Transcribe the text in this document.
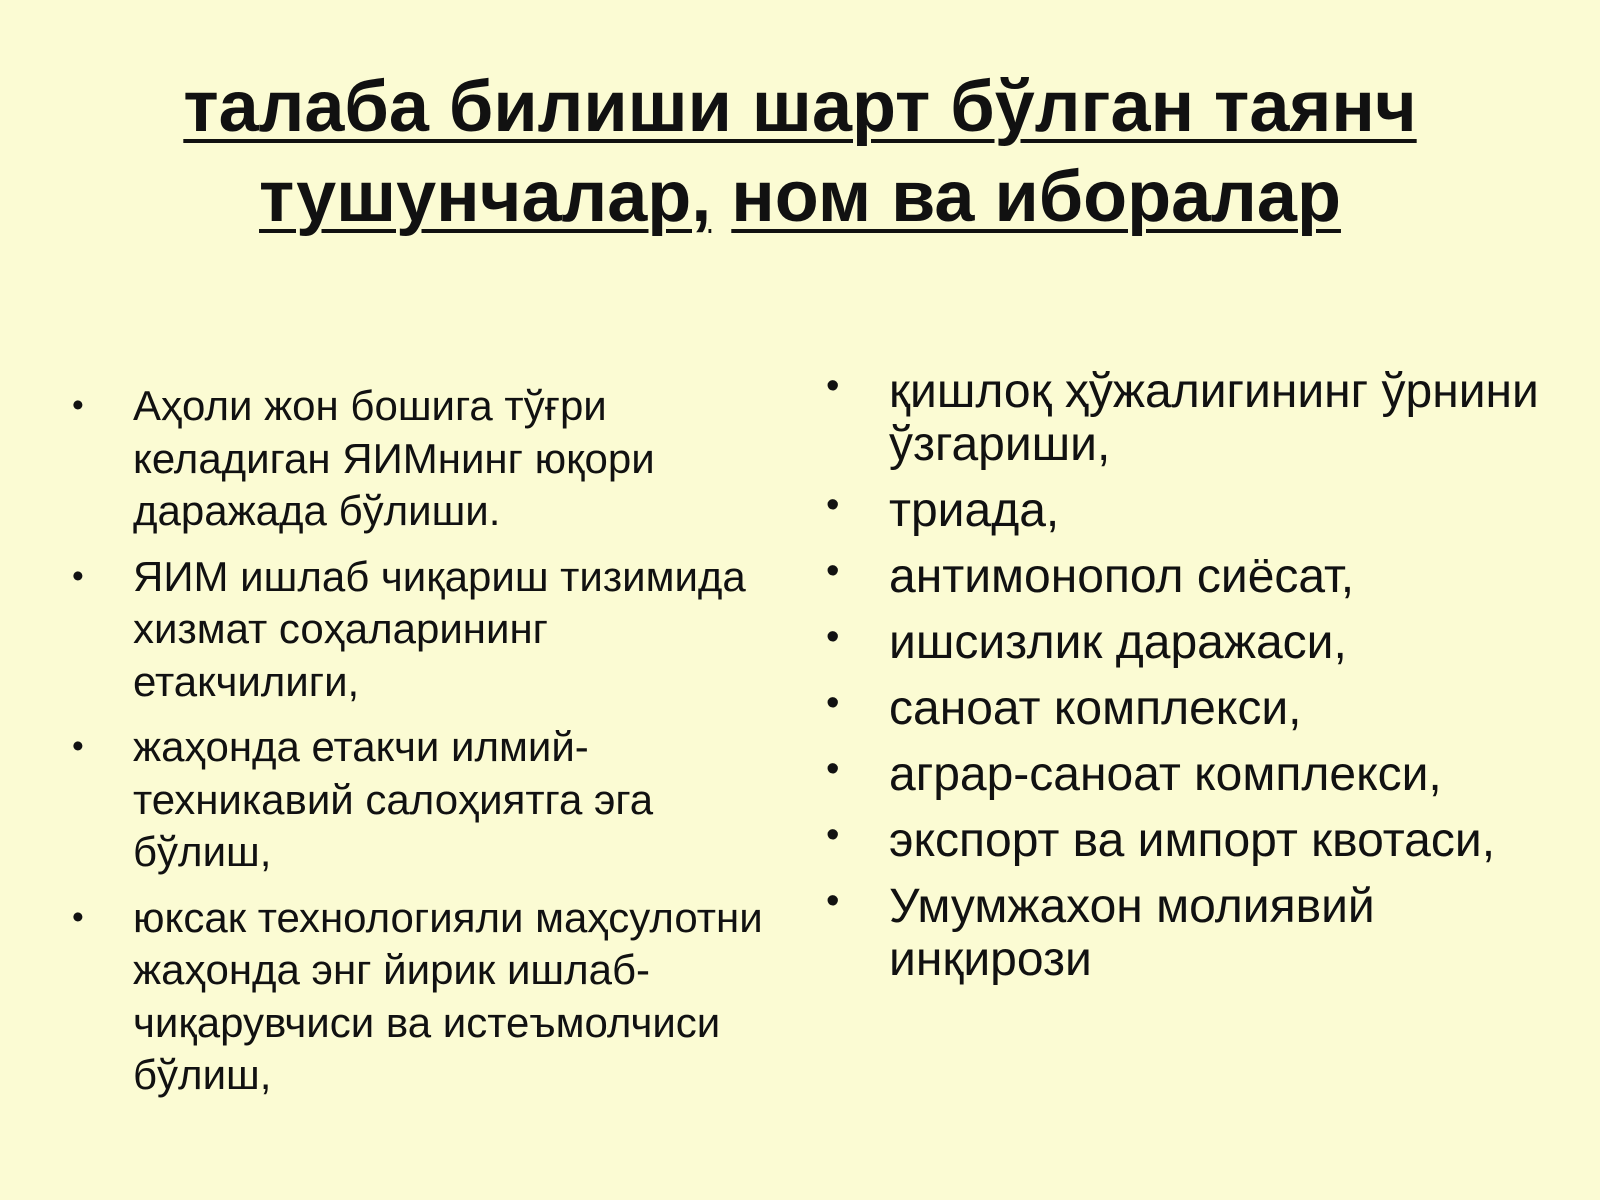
талаба билиши шарт бўлган таянч
тушунчалар, ном ва иборалар
• Аҳоли жон бошига тўғри келадиган ЯИМнинг юқори даражада бўлиши.
• ЯИМ ишлаб чиқариш тизимида хизмат соҳаларининг етакчилиги,
• жаҳонда етакчи илмий-техникавий салоҳиятга эга бўлиш,
• юксак технологияли маҳсулотни жаҳонда энг йирик ишлаб-чиқарувчиси ва истеъмолчиси бўлиш,
• қишлоқ ҳўжалигининг ўрнини ўзгариши,
• триада,
• антимонопол сиёсат,
• ишсизлик даражаси,
• саноат комплекси,
• аграр-саноат комплекси,
• экспорт ва импорт квотаси,
• Умумжахон молиявий инқирози
